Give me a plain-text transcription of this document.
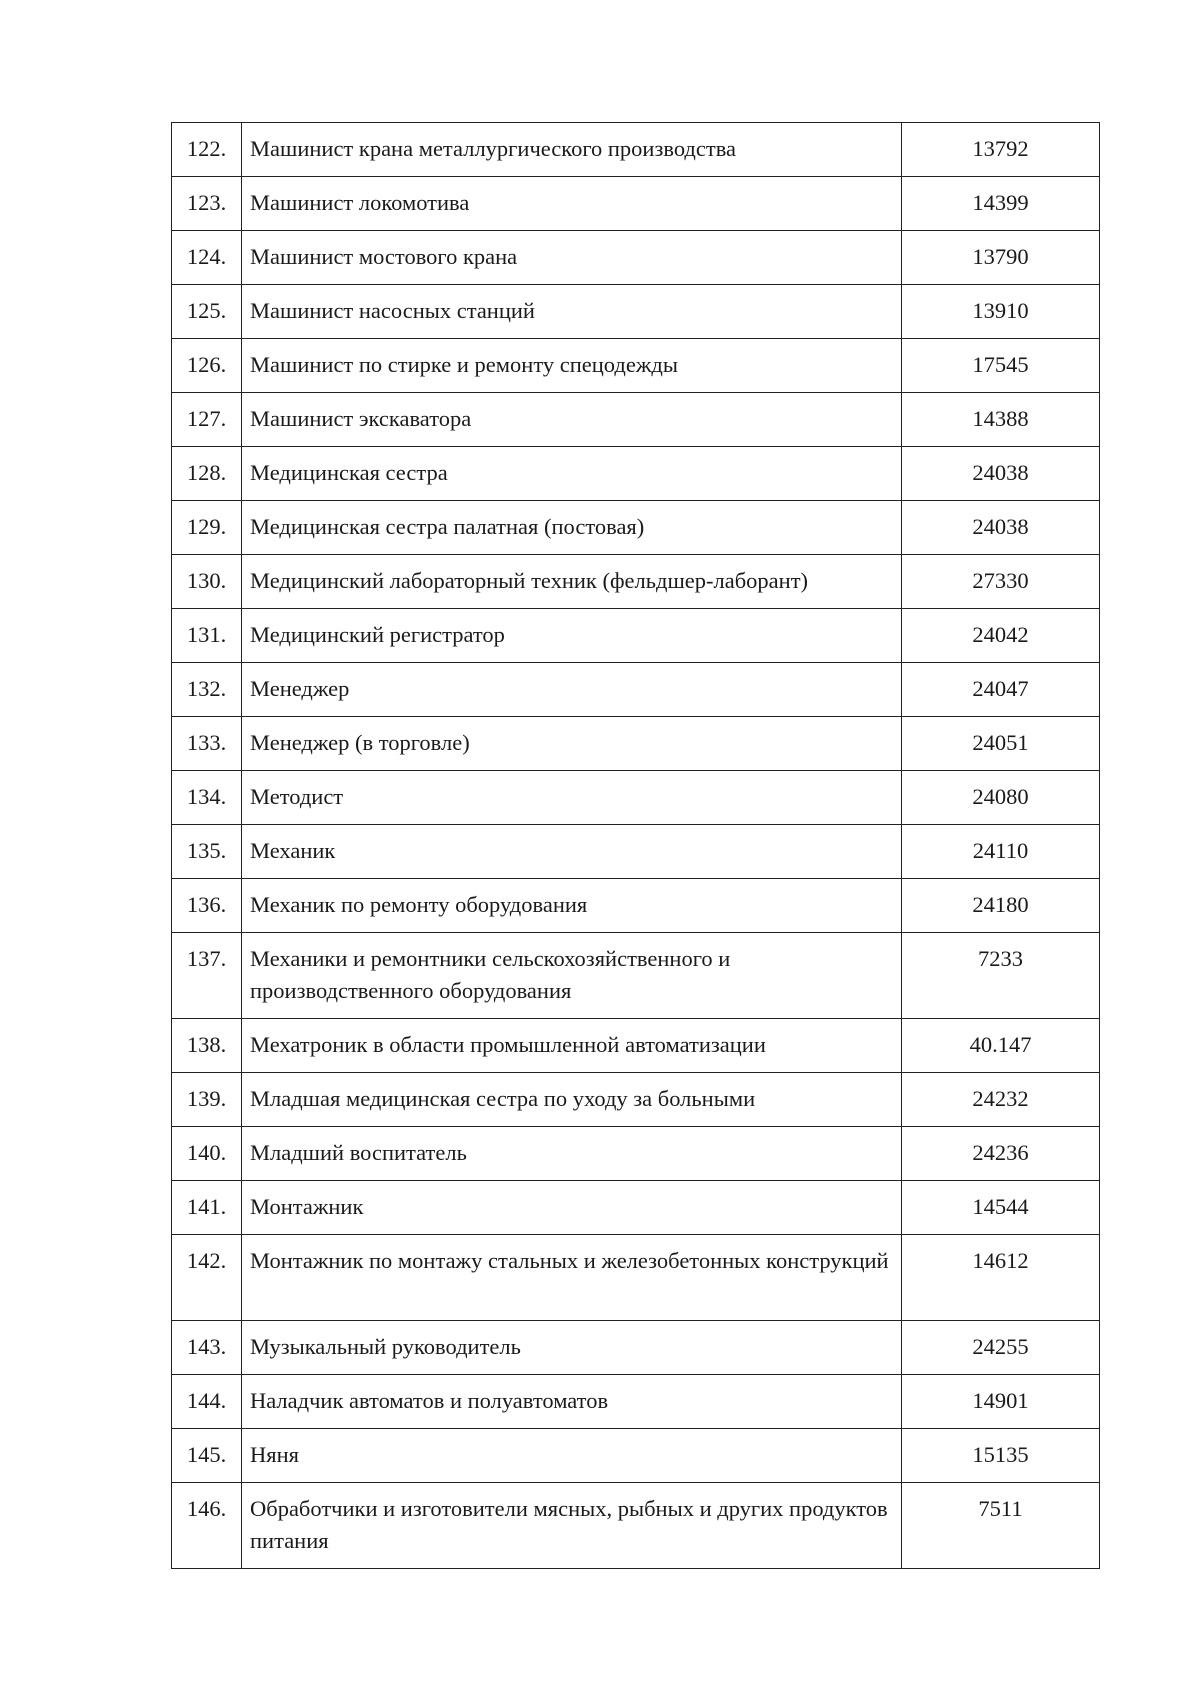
122.	Машинист крана металлургического производства	13792
123.	Машинист локомотива	14399
124.	Машинист мостового крана	13790
125.	Машинист насосных станций	13910
126.	Машинист по стирке и ремонту спецодежды	17545
127.	Машинист экскаватора	14388
128.	Медицинская сестра	24038
129.	Медицинская сестра палатная (постовая)	24038
130.	Медицинский лабораторный техник (фельдшер-лаборант)	27330
131.	Медицинский регистратор	24042
132.	Менеджер	24047
133.	Менеджер (в торговле)	24051
134.	Методист	24080
135.	Механик	24110
136.	Механик по ремонту оборудования	24180
137.	Механики и ремонтники сельскохозяйственного и производственного оборудования	7233
138.	Мехатроник в области промышленной автоматизации	40.147
139.	Младшая медицинская сестра по уходу за больными	24232
140.	Младший воспитатель	24236
141.	Монтажник	14544
142.	Монтажник по монтажу стальных и железобетонных конструкций	14612
143.	Музыкальный руководитель	24255
144.	Наладчик автоматов и полуавтоматов	14901
145.	Няня	15135
146.	Обработчики и изготовители мясных, рыбных и других продуктов питания	7511
